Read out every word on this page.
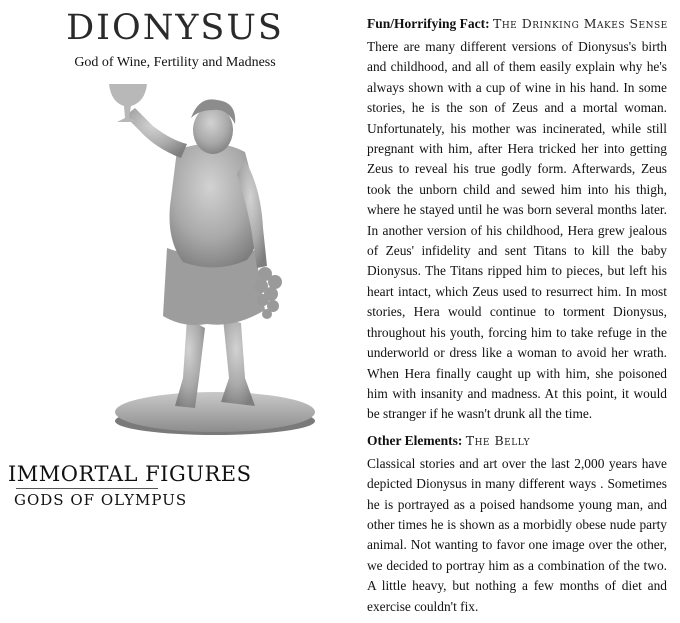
DIONYSUS
God of Wine, Fertility and Madness
IMMORTAL FIGURES
GODS OF OLYMPUS
Fun/Horrifying Fact: The Drinking Makes Sense

There are many different versions of Dionysus's birth and childhood, and all of them easily explain why he's always shown with a cup of wine in his hand. In some stories, he is the son of Zeus and a mortal woman. Unfortunately, his mother was incinerated, while still pregnant with him, after Hera tricked her into getting Zeus to reveal his true godly form. Afterwards, Zeus took the unborn child and sewed him into his thigh, where he stayed until he was born several months later. In another version of his childhood, Hera grew jealous of Zeus' infidelity and sent Titans to kill the baby Dionysus. The Titans ripped him to pieces, but left his heart intact, which Zeus used to resurrect him. In most stories, Hera would continue to torment Dionysus, throughout his youth, forcing him to take refuge in the underworld or dress like a woman to avoid her wrath. When Hera finally caught up with him, she poisoned him with insanity and madness. At this point, it would be stranger if he wasn't drunk all the time.

Other Elements: The Belly

Classical stories and art over the last 2,000 years have depicted Dionysus in many different ways . Sometimes he is portrayed as a poised handsome young man, and other times he is shown as a morbidly obese nude party animal. Not wanting to favor one image over the other, we decided to portray him as a combination of the two. A little heavy, but nothing a few months of diet and exercise couldn't fix.
